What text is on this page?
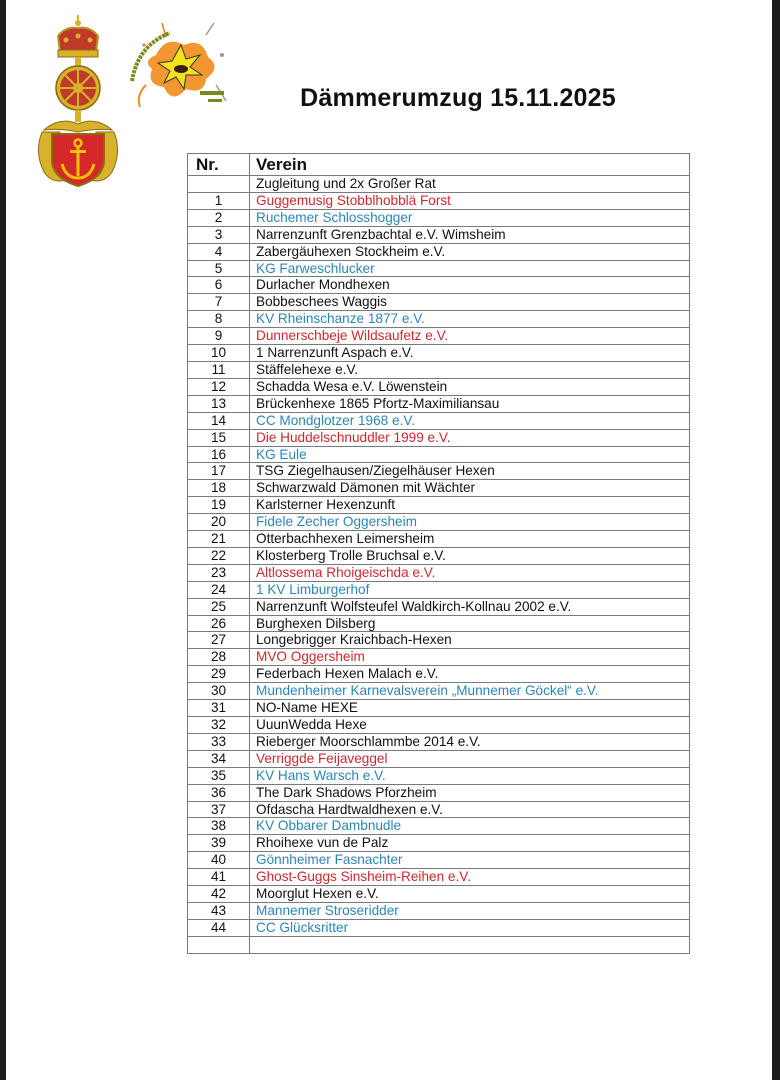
Dämmerumzug 15.11.2025
Nr.	Verein
	Zugleitung und 2x Großer Rat
1	Guggemusig Stobblhobblä Forst
2	Ruchemer Schlosshogger
3	Narrenzunft Grenzbachtal e.V. Wimsheim
4	Zabergäuhexen Stockheim e.V.
5	KG Farweschlucker
6	Durlacher Mondhexen
7	Bobbeschees Waggis
8	KV Rheinschanze 1877 e.V.
9	Dunnerschbeje Wildsaufetz e.V.
10	1 Narrenzunft Aspach e.V.
11	Stäffelehexe e.V.
12	Schadda Wesa e.V. Löwenstein
13	Brückenhexe 1865 Pfortz-Maximiliansau
14	CC Mondglotzer 1968 e.V.
15	Die Huddelschnuddler 1999 e.V.
16	KG Eule
17	TSG Ziegelhausen/Ziegelhäuser Hexen
18	Schwarzwald Dämonen mit Wächter
19	Karlsterner Hexenzunft
20	Fidele Zecher Oggersheim
21	Otterbachhexen Leimersheim
22	Klosterberg Trolle Bruchsal e.V.
23	Altlossema Rhoigeischda e.V.
24	1 KV Limburgerhof
25	Narrenzunft Wolfsteufel Waldkirch-Kollnau 2002 e.V.
26	Burghexen Dilsberg
27	Longebrigger Kraichbach-Hexen
28	MVO Oggersheim
29	Federbach Hexen Malach e.V.
30	Mundenheimer Karnevalsverein „Munnemer Göckel“ e.V.
31	NO-Name HEXE
32	UuunWedda Hexe
33	Rieberger Moorschlammbe 2014 e.V.
34	Verriggde Feijaveggel
35	KV Hans Warsch e.V.
36	The Dark Shadows Pforzheim
37	Ofdascha Hardtwaldhexen e.V.
38	KV Obbarer Dambnudle
39	Rhoihexe vun de Palz
40	Gönnheimer Fasnachter
41	Ghost-Guggs Sinsheim-Reihen e.V.
42	Moorglut Hexen e.V.
43	Mannemer Stroseridder
44	CC Glücksritter
